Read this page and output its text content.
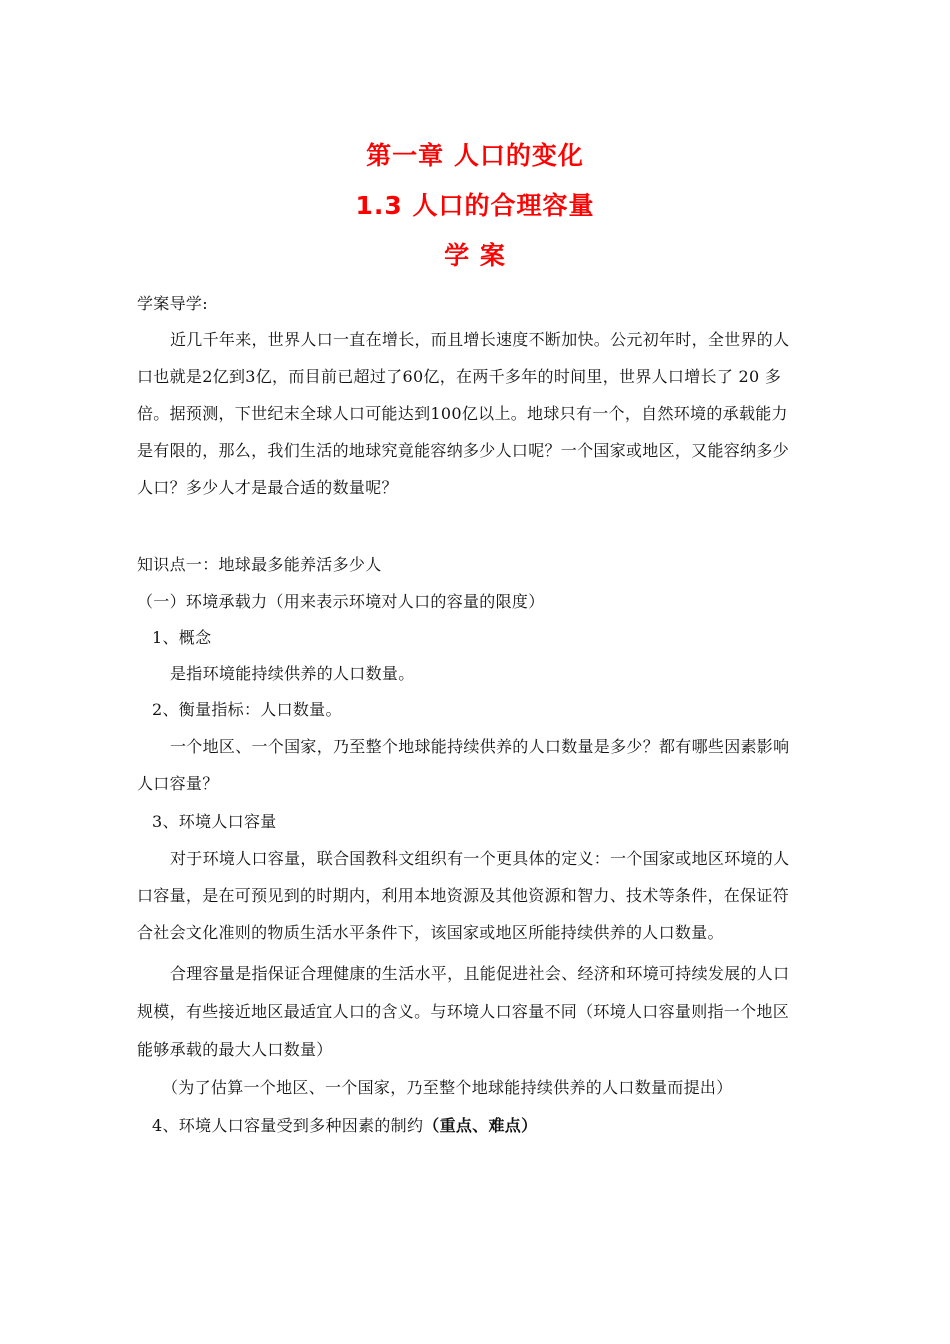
第一章 人口的变化
1.3 人口的合理容量
学 案
学案导学:
近几千年来，世界人口一直在增长，而且增长速度不断加快。公元初年时，全世界的人
口也就是2亿到3亿，而目前已超过了60亿，在两千多年的时间里，世界人口增长了 20 多
倍。据预测，下世纪末全球人口可能达到100亿以上。地球只有一个，自然环境的承载能力
是有限的，那么，我们生活的地球究竟能容纳多少人口呢？一个国家或地区，又能容纳多少
人口？多少人才是最合适的数量呢？
知识点一：地球最多能养活多少人
（一）环境承载力（用来表示环境对人口的容量的限度）
1、概念
是指环境能持续供养的人口数量。
2、衡量指标：人口数量。
一个地区、一个国家，乃至整个地球能持续供养的人口数量是多少？都有哪些因素影响
人口容量？
3、环境人口容量
对于环境人口容量，联合国教科文组织有一个更具体的定义：一个国家或地区环境的人
口容量，是在可预见到的时期内，利用本地资源及其他资源和智力、技术等条件，在保证符
合社会文化准则的物质生活水平条件下，该国家或地区所能持续供养的人口数量。
合理容量是指保证合理健康的生活水平，且能促进社会、经济和环境可持续发展的人口
规模，有些接近地区最适宜人口的含义。与环境人口容量不同（环境人口容量则指一个地区
能够承载的最大人口数量）
（为了估算一个地区、一个国家，乃至整个地球能持续供养的人口数量而提出）
4、环境人口容量受到多种因素的制约（重点、难点）
